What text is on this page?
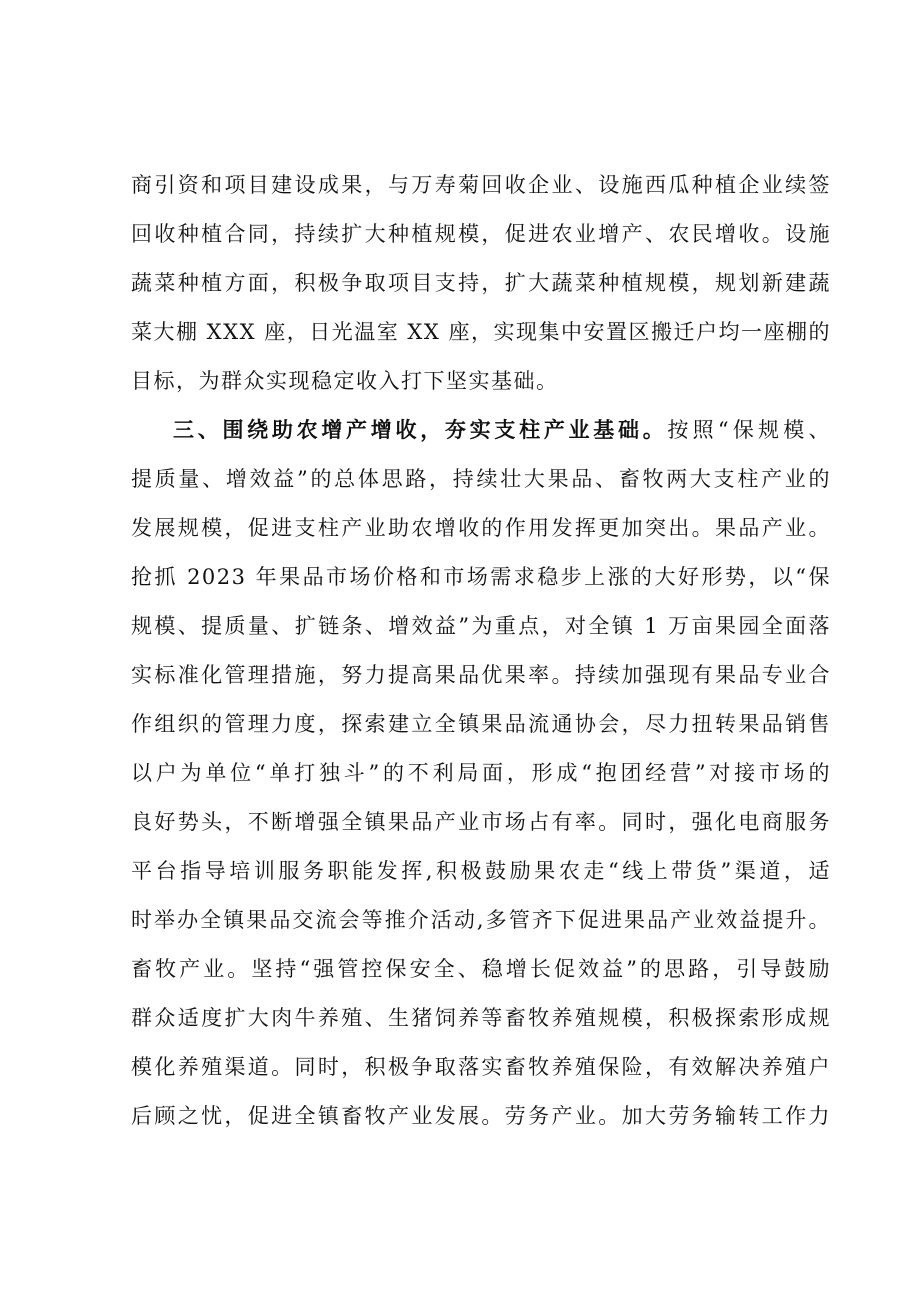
商引资和项目建设成果，与万寿菊回收企业、设施西瓜种植企业续签
回收种植合同，持续扩大种植规模，促进农业增产、农民增收。设施
蔬菜种植方面，积极争取项目支持，扩大蔬菜种植规模，规划新建蔬
菜大棚 XXX 座，日光温室 XX 座，实现集中安置区搬迁户均一座棚的
目标，为群众实现稳定收入打下坚实基础。
三、围绕助农增产增收，夯实支柱产业基础。按照“保规模、
提质量、增效益”的总体思路，持续壮大果品、畜牧两大支柱产业的
发展规模，促进支柱产业助农增收的作用发挥更加突出。果品产业。
抢抓 2023 年果品市场价格和市场需求稳步上涨的大好形势，以“保
规模、提质量、扩链条、增效益”为重点，对全镇 1 万亩果园全面落
实标准化管理措施，努力提高果品优果率。持续加强现有果品专业合
作组织的管理力度，探索建立全镇果品流通协会，尽力扭转果品销售
以户为单位“单打独斗”的不利局面，形成“抱团经营”对接市场的
良好势头，不断增强全镇果品产业市场占有率。同时，强化电商服务
平台指导培训服务职能发挥,积极鼓励果农走“线上带货”渠道，适
时举办全镇果品交流会等推介活动,多管齐下促进果品产业效益提升。
畜牧产业。坚持“强管控保安全、稳增长促效益”的思路，引导鼓励
群众适度扩大肉牛养殖、生猪饲养等畜牧养殖规模，积极探索形成规
模化养殖渠道。同时，积极争取落实畜牧养殖保险，有效解决养殖户
后顾之忧，促进全镇畜牧产业发展。劳务产业。加大劳务输转工作力
